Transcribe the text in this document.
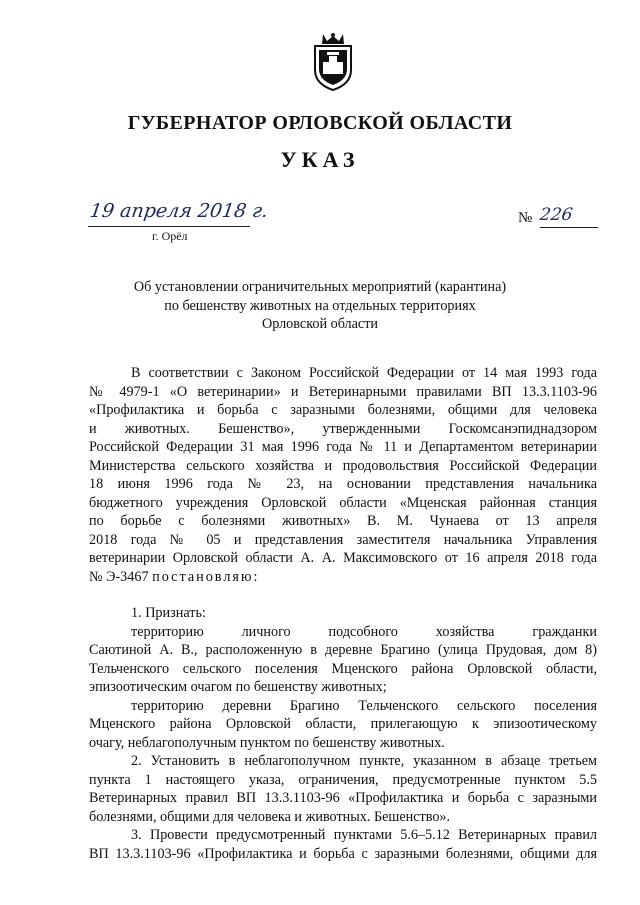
ГУБЕРНАТОР ОРЛОВСКОЙ ОБЛАСТИ
УКАЗ
19 апреля 2018 г.
г. Орёл
№ 226
Об установлении ограничительных мероприятий (карантина)
по бешенству животных на отдельных территориях
Орловской области
В соответствии с Законом Российской Федерации от 14 мая 1993 года
№ 4979-1 «О ветеринарии» и Ветеринарными правилами ВП 13.3.1103-96
«Профилактика и борьба с заразными болезнями, общими для человека
и животных. Бешенство», утвержденными Госкомсанэпиднадзором
Российской Федерации 31 мая 1996 года № 11 и Департаментом ветеринарии
Министерства сельского хозяйства и продовольствия Российской Федерации
18 июня 1996 года № 23, на основании представления начальника
бюджетного учреждения Орловской области «Мценская районная станция
по борьбе с болезнями животных» В. М. Чунаева от 13 апреля
2018 года № 05 и представления заместителя начальника Управления
ветеринарии Орловской области А. А. Максимовского от 16 апреля 2018 года
№ Э-3467 постановляю:
1. Признать:
территорию личного подсобного хозяйства гражданки
Саютиной А. В., расположенную в деревне Брагино (улица Прудовая, дом 8)
Тельченского сельского поселения Мценского района Орловской области,
эпизоотическим очагом по бешенству животных;
территорию деревни Брагино Тельченского сельского поселения
Мценского района Орловской области, прилегающую к эпизоотическому
очагу, неблагополучным пунктом по бешенству животных.
2. Установить в неблагополучном пункте, указанном в абзаце третьем
пункта 1 настоящего указа, ограничения, предусмотренные пунктом 5.5
Ветеринарных правил ВП 13.3.1103-96 «Профилактика и борьба с заразными
болезнями, общими для человека и животных. Бешенство».
3. Провести предусмотренный пунктами 5.6–5.12 Ветеринарных правил
ВП 13.3.1103-96 «Профилактика и борьба с заразными болезнями, общими для
